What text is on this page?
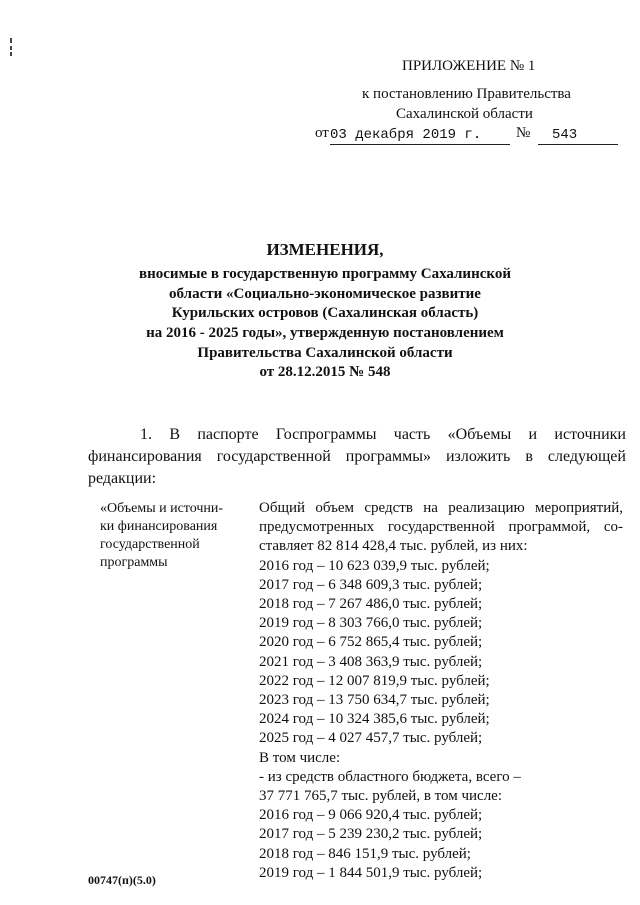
ПРИЛОЖЕНИЕ № 1
к постановлению Правительства
Сахалинской области
от 03 декабря 2019 г. № 543
ИЗМЕНЕНИЯ,
вносимые в государственную программу Сахалинской
области «Социально-экономическое развитие
Курильских островов (Сахалинская область)
на 2016 - 2025 годы», утвержденную постановлением
Правительства Сахалинской области
от 28.12.2015 № 548
1. В паспорте Госпрограммы часть «Объемы и источники
финансирования государственной программы» изложить в следующей
редакции:
«Объемы и источни-
ки финансирования
государственной
программы
Общий объем средств на реализацию мероприятий,
предусмотренных государственной программой, со-
ставляет 82 814 428,4 тыс. рублей, из них:
2016 год – 10 623 039,9 тыс. рублей;
2017 год – 6 348 609,3 тыс. рублей;
2018 год – 7 267 486,0 тыс. рублей;
2019 год – 8 303 766,0 тыс. рублей;
2020 год – 6 752 865,4 тыс. рублей;
2021 год – 3 408 363,9 тыс. рублей;
2022 год – 12 007 819,9 тыс. рублей;
2023 год – 13 750 634,7 тыс. рублей;
2024 год – 10 324 385,6 тыс. рублей;
2025 год – 4 027 457,7 тыс. рублей;
В том числе:
- из средств областного бюджета, всего –
37 771 765,7 тыс. рублей, в том числе:
2016 год – 9 066 920,4 тыс. рублей;
2017 год – 5 239 230,2 тыс. рублей;
2018 год – 846 151,9 тыс. рублей;
2019 год – 1 844 501,9 тыс. рублей;
00747(п)(5.0)
